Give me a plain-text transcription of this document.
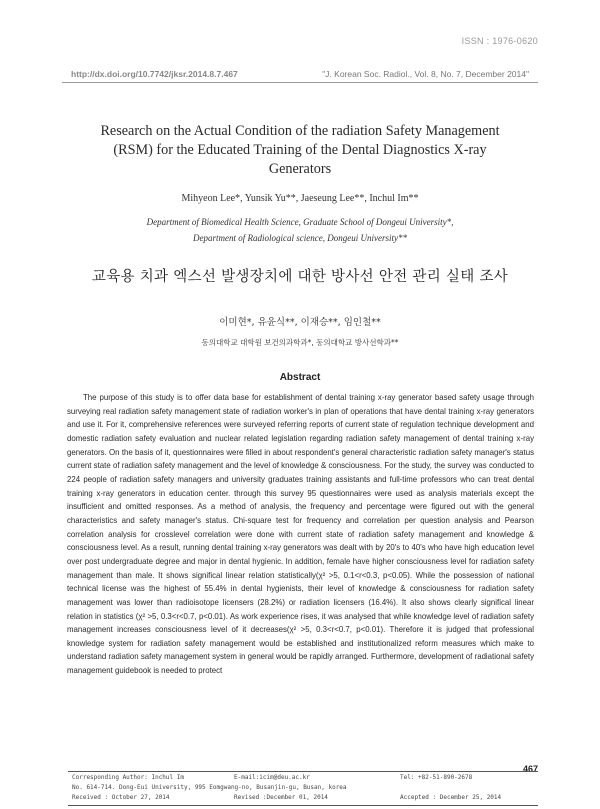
ISSN : 1976-0620
http://dx.doi.org/10.7742/jksr.2014.8.7.467	"J. Korean Soc. Radiol., Vol. 8, No. 7, December 2014"
Research on the Actual Condition of the radiation Safety Management
(RSM) for the Educated Training of the Dental Diagnostics X-ray
Generators
Mihyeon Lee*, Yunsik Yu**, Jaeseung Lee**, Inchul Im**
Department of Biomedical Health Science, Graduate School of Dongeui University*,
Department of Radiological science, Dongeui University**
교육용 치과 엑스선 발생장치에 대한 방사선 안전 관리 실태 조사
이미현*, 유윤식**, 이재승**, 임인철**
동의대학교 대학원 보건의과학과*, 동의대학교 방사선학과**
Abstract

The purpose of this study is to offer data base for establishment of dental training x-ray generator based safety usage through surveying real radiation safety management state of radiation worker's in plan of operations that have dental training x-ray generators and use it. For it, comprehensive references were surveyed referring reports of current state of regulation technique development and domestic radiation safety evaluation and nuclear related legislation regarding radiation safety management of dental training x-ray generators. On the basis of it, questionnaires were filled in about respondent's general characteristic radiation safety manager's status current state of radiation safety management and the level of knowledge & consciousness. For the study, the survey was conducted to 224 people of radiation safety managers and university graduates training assistants and full-time professors who can treat dental training x-ray generators in education center. through this survey 95 questionnaires were used as analysis materials except the insufficient and omitted responses. As a method of analysis, the frequency and percentage were figured out with the general characteristics and safety manager's status. Chi-square test for frequency and correlation per question analysis and Pearson correlation analysis for crosslevel correlation were done with current state of radiation safety management and knowledge & consciousness level. As a result, running dental training x-ray generators was dealt with by 20's to 40's who have high education level over post undergraduate degree and major in dental hygienic. In addition, female have higher consciousness level for radiation safety management than male. It shows significal linear relation statistically(χ² >5, 0.1<r<0.3, p<0.05). While the possession of national technical license was the highest of 55.4% in dental hygienists, their level of knowledge & consciousness for radiation safety management was lower than radioisotope licensers (28.2%) or radiation licensers (16.4%). It also shows clearly significal linear relation in statistics (χ² >5, 0.3<r<0.7, p<0.01). As work experience rises, it was analysed that while knowledge level of radiation safety management increases consciousness level of it decreases(χ² >5, 0.3<r<0.7, p<0.01). Therefore it is judged that professional knowledge system for radiation safety management would be established and institutionalized reform measures which make to understand radiation safety management system in general would be rapidly arranged. Furthermore, development of radiational safety management guidebook is needed to protect

467
Corresponding Author: Inchul Im	E-mail:icim@deu.ac.kr	Tel: +82-51-890-2678
No. 614-714. Dong-Eui University, 995 Eomgwang-no, Busanjin-gu, Busan, korea
Received : October 27, 2014	Revised :December 01, 2014	Accepted : December 25, 2014
